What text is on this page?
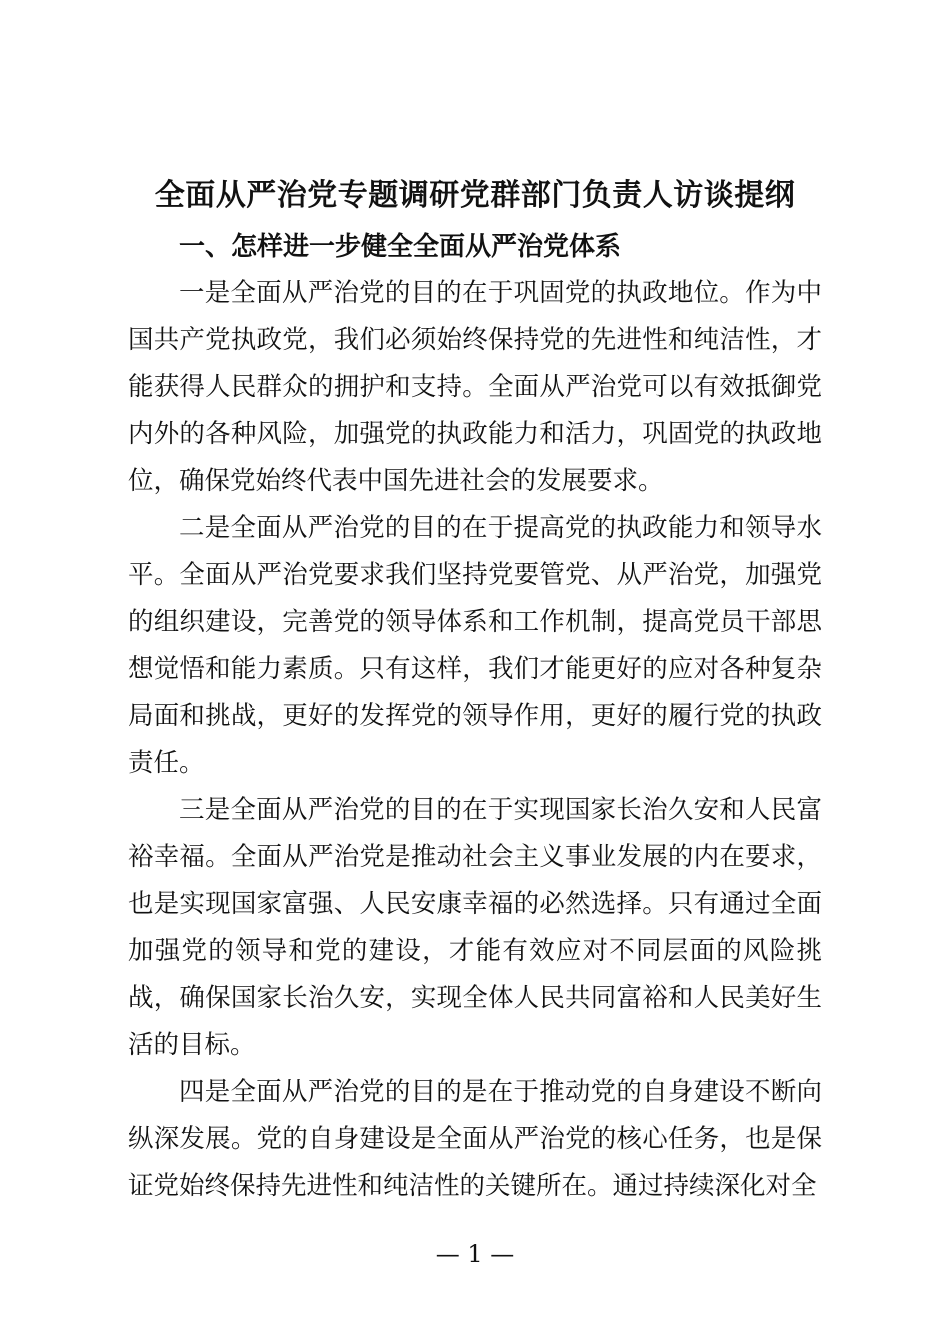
全面从严治党专题调研党群部门负责人访谈提纲
一、怎样进一步健全全面从严治党体系

一是全面从严治党的目的在于巩固党的执政地位。作为中国共产党执政党，我们必须始终保持党的先进性和纯洁性，才能获得人民群众的拥护和支持。全面从严治党可以有效抵御党内外的各种风险，加强党的执政能力和活力，巩固党的执政地位，确保党始终代表中国先进社会的发展要求。

二是全面从严治党的目的在于提高党的执政能力和领导水平。全面从严治党要求我们坚持党要管党、从严治党，加强党的组织建设，完善党的领导体系和工作机制，提高党员干部思想觉悟和能力素质。只有这样，我们才能更好的应对各种复杂局面和挑战，更好的发挥党的领导作用，更好的履行党的执政责任。

三是全面从严治党的目的在于实现国家长治久安和人民富裕幸福。全面从严治党是推动社会主义事业发展的内在要求，也是实现国家富强、人民安康幸福的必然选择。只有通过全面加强党的领导和党的建设，才能有效应对不同层面的风险挑战，确保国家长治久安，实现全体人民共同富裕和人民美好生活的目标。

四是全面从严治党的目的是在于推动党的自身建设不断向纵深发展。党的自身建设是全面从严治党的核心任务，也是保证党始终保持先进性和纯洁性的关键所在。通过持续深化对全

— 1 —
